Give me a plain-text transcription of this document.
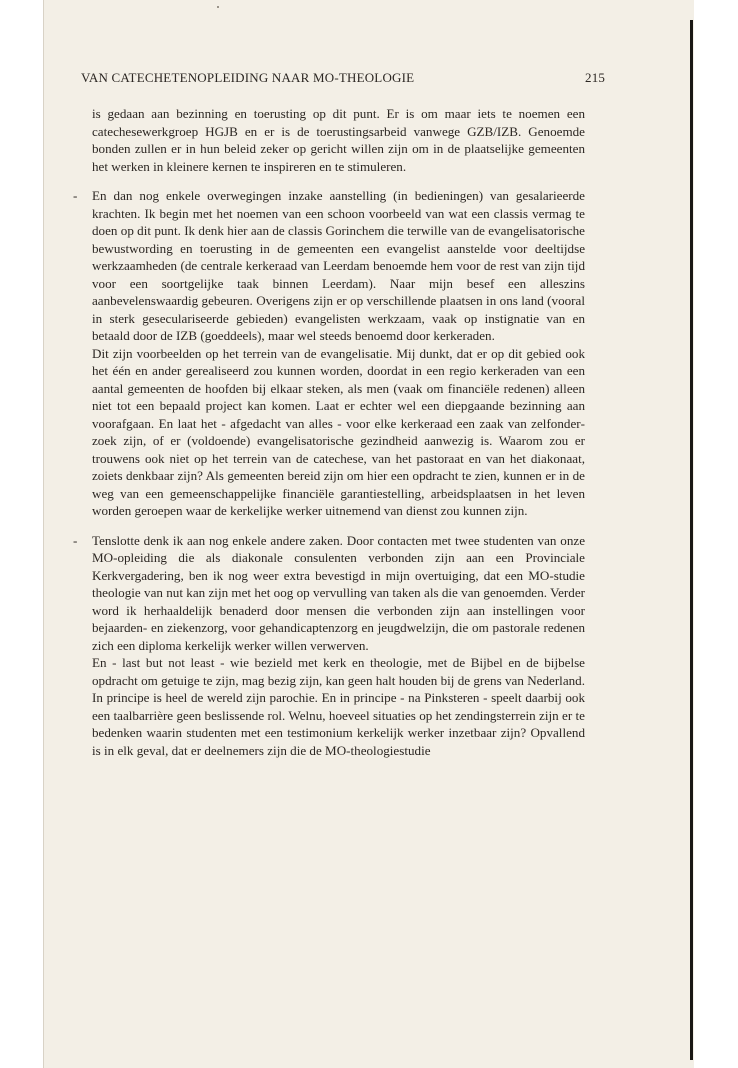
VAN CATECHETENOPLEIDING NAAR MO-THEOLOGIE	215

is gedaan aan bezinning en toerusting op dit punt. Er is om maar iets te noemen een catechesewerkgroep HGJB en er is de toerustingsarbeid vanwege GZB/IZB. Genoemde bonden zullen er in hun beleid zeker op gericht willen zijn om in de plaatselijke gemeenten het werken in kleinere kernen te inspireren en te stimuleren.

- En dan nog enkele overwegingen inzake aanstelling (in bedieningen) van gesalarieerde krachten. Ik begin met het noemen van een schoon voorbeeld van wat een classis vermag te doen op dit punt. Ik denk hier aan de classis Gorinchem die terwille van de evangelisatorische bewustwording en toerusting in de gemeenten een evangelist aanstelde voor deeltijdse werkzaamheden (de centrale kerkeraad van Leerdam benoemde hem voor de rest van zijn tijd voor een soortgelijke taak binnen Leerdam). Naar mijn besef een alleszins aanbevelenswaardig gebeuren. Overigens zijn er op verschillende plaatsen in ons land (vooral in sterk geseculariseerde gebieden) evangelisten werkzaam, vaak op instignatie van en betaald door de IZB (goeddeels), maar wel steeds benoemd door kerkeraden.

Dit zijn voorbeelden op het terrein van de evangelisatie. Mij dunkt, dat er op dit gebied ook het één en ander gerealiseerd zou kunnen worden, doordat in een regio kerkeraden van een aantal gemeenten de hoofden bij elkaar steken, als men (vaak om financiële redenen) alleen niet tot een bepaald project kan komen. Laat er echter wel een diepgaande bezinning aan voorafgaan. En laat het - afgedacht van alles - voor elke kerkeraad een zaak van zelfonderzoek zijn, of er (voldoende) evangelisatorische gezindheid aanwezig is. Waarom zou er trouwens ook niet op het terrein van de catechese, van het pastoraat en van het diakonaat, zoiets denkbaar zijn? Als gemeenten bereid zijn om hier een opdracht te zien, kunnen er in de weg van een gemeenschappelijke financiële garantiestelling, arbeidsplaatsen in het leven worden geroepen waar de kerkelijke werker uitnemend van dienst zou kunnen zijn.

- Tenslotte denk ik aan nog enkele andere zaken. Door contacten met twee studenten van onze MO-opleiding die als diakonale consulenten verbonden zijn aan een Provinciale Kerkvergadering, ben ik nog weer extra bevestigd in mijn overtuiging, dat een MO-studie theologie van nut kan zijn met het oog op vervulling van taken als die van genoemden. Verder word ik herhaaldelijk benaderd door mensen die verbonden zijn aan instellingen voor bejaarden- en ziekenzorg, voor gehandicaptenzorg en jeugdwelzijn, die om pastorale redenen zich een diploma kerkelijk werker willen verwerven.

En - last but not least - wie bezield met kerk en theologie, met de Bijbel en de bijbelse opdracht om getuige te zijn, mag bezig zijn, kan geen halt houden bij de grens van Nederland. In principe is heel de wereld zijn parochie. En in principe - na Pinksteren - speelt daarbij ook een taalbarrière geen beslissende rol. Welnu, hoeveel situaties op het zendingsterrein zijn er te bedenken waarin studenten met een testimonium kerkelijk werker inzetbaar zijn? Opvallend is in elk geval, dat er deelnemers zijn die de MO-theologiestudie
